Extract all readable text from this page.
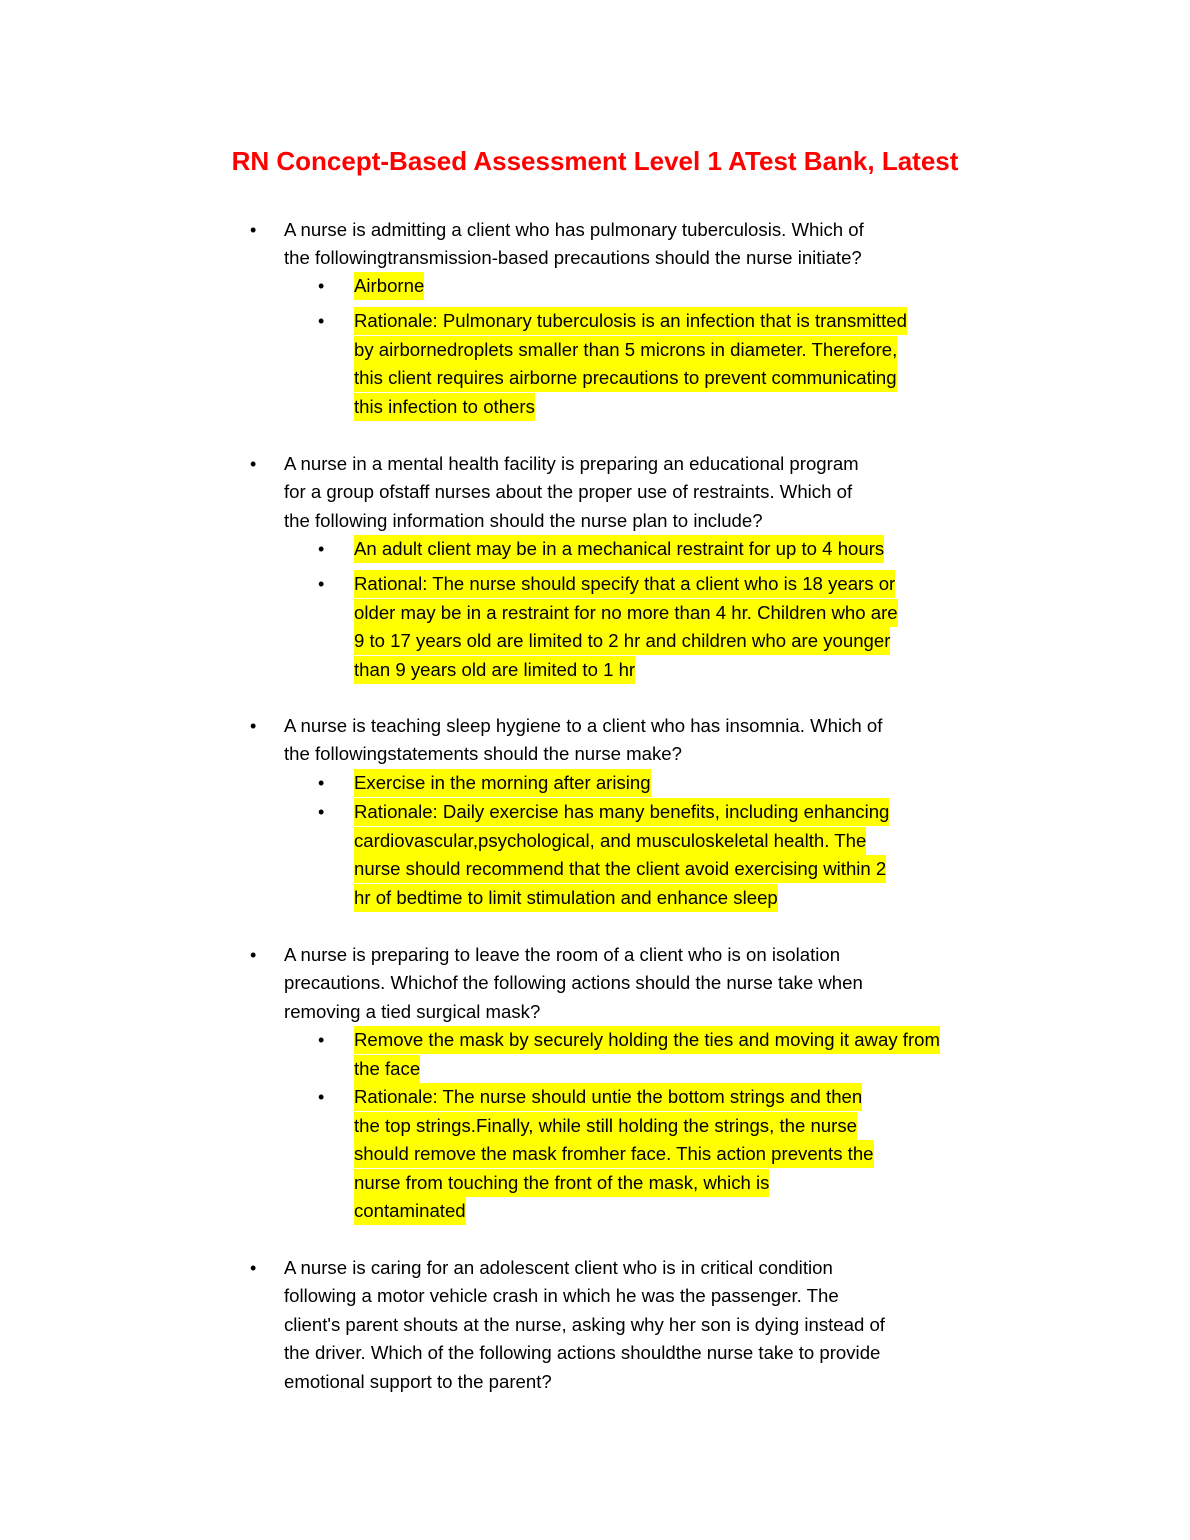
RN Concept-Based Assessment Level 1 ATest Bank, Latest
• A nurse is admitting a client who has pulmonary tuberculosis. Which of
the followingtransmission-based precautions should the nurse initiate?
• Airborne
• Rationale: Pulmonary tuberculosis is an infection that is transmitted
by airbornedroplets smaller than 5 microns in diameter. Therefore,
this client requires airborne precautions to prevent communicating
this infection to others
• A nurse in a mental health facility is preparing an educational program
for a group ofstaff nurses about the proper use of restraints. Which of
the following information should the nurse plan to include?
• An adult client may be in a mechanical restraint for up to 4 hours
• Rational: The nurse should specify that a client who is 18 years or
older may be in a restraint for no more than 4 hr. Children who are
9 to 17 years old are limited to 2 hr and children who are younger
than 9 years old are limited to 1 hr
• A nurse is teaching sleep hygiene to a client who has insomnia. Which of
the followingstatements should the nurse make?
• Exercise in the morning after arising
• Rationale: Daily exercise has many benefits, including enhancing
cardiovascular,psychological, and musculoskeletal health. The
nurse should recommend that the client avoid exercising within 2
hr of bedtime to limit stimulation and enhance sleep
• A nurse is preparing to leave the room of a client who is on isolation
precautions. Whichof the following actions should the nurse take when
removing a tied surgical mask?
• Remove the mask by securely holding the ties and moving it away from
the face
• Rationale: The nurse should untie the bottom strings and then
the top strings.Finally, while still holding the strings, the nurse
should remove the mask fromher face. This action prevents the
nurse from touching the front of the mask, which is
contaminated
• A nurse is caring for an adolescent client who is in critical condition
following a motor vehicle crash in which he was the passenger. The
client's parent shouts at the nurse, asking why her son is dying instead of
the driver. Which of the following actions shouldthe nurse take to provide
emotional support to the parent?
